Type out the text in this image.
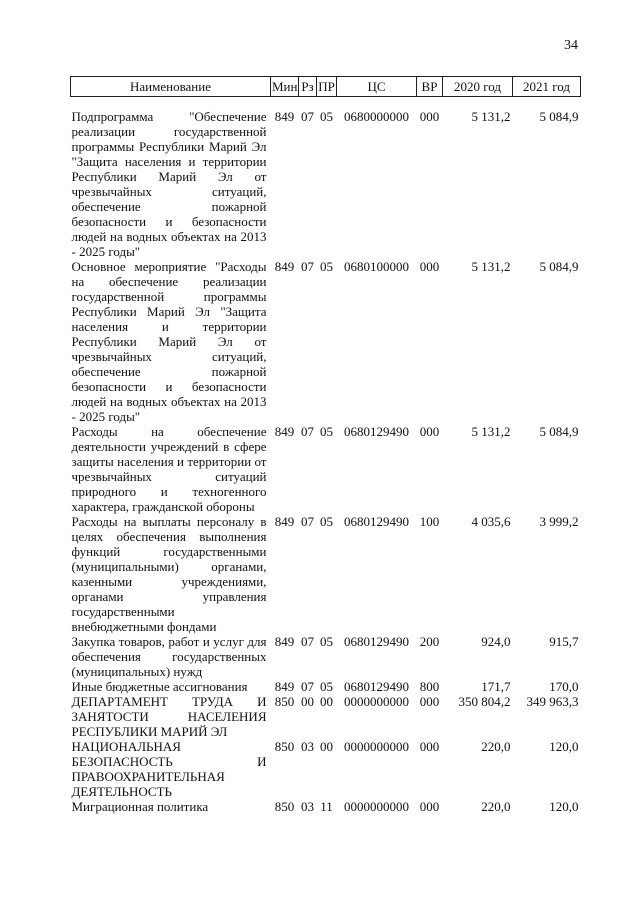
34
Наименование	Мин	Рз	ПР	ЦС	ВР	2020 год	2021 год
Подпрограмма "Обеспечение реализации государственной программы Республики Марий Эл "Защита населения и территории Республики Марий Эл от чрезвычайных ситуаций, обеспечение пожарной безопасности и безопасности людей на водных объектах на 2013 - 2025 годы"	849	07	05	0680000000	000	5 131,2	5 084,9
Основное мероприятие "Расходы на обеспечение реализации государственной программы Республики Марий Эл "Защита населения и территории Республики Марий Эл от чрезвычайных ситуаций, обеспечение пожарной безопасности и безопасности людей на водных объектах на 2013 - 2025 годы"	849	07	05	0680100000	000	5 131,2	5 084,9
Расходы на обеспечение деятельности учреждений в сфере защиты населения и территории от чрезвычайных ситуаций природного и техногенного характера, гражданской обороны	849	07	05	0680129490	000	5 131,2	5 084,9
Расходы на выплаты персоналу в целях обеспечения выполнения функций государственными (муниципальными) органами, казенными учреждениями, органами управления государственными внебюджетными фондами	849	07	05	0680129490	100	4 035,6	3 999,2
Закупка товаров, работ и услуг для обеспечения государственных (муниципальных) нужд	849	07	05	0680129490	200	924,0	915,7
Иные бюджетные ассигнования	849	07	05	0680129490	800	171,7	170,0
ДЕПАРТАМЕНТ ТРУДА И ЗАНЯТОСТИ НАСЕЛЕНИЯ РЕСПУБЛИКИ МАРИЙ ЭЛ	850	00	00	0000000000	000	350 804,2	349 963,3
НАЦИОНАЛЬНАЯ БЕЗОПАСНОСТЬ И ПРАВООХРАНИТЕЛЬНАЯ ДЕЯТЕЛЬНОСТЬ	850	03	00	0000000000	000	220,0	120,0
Миграционная политика	850	03	11	0000000000	000	220,0	120,0
